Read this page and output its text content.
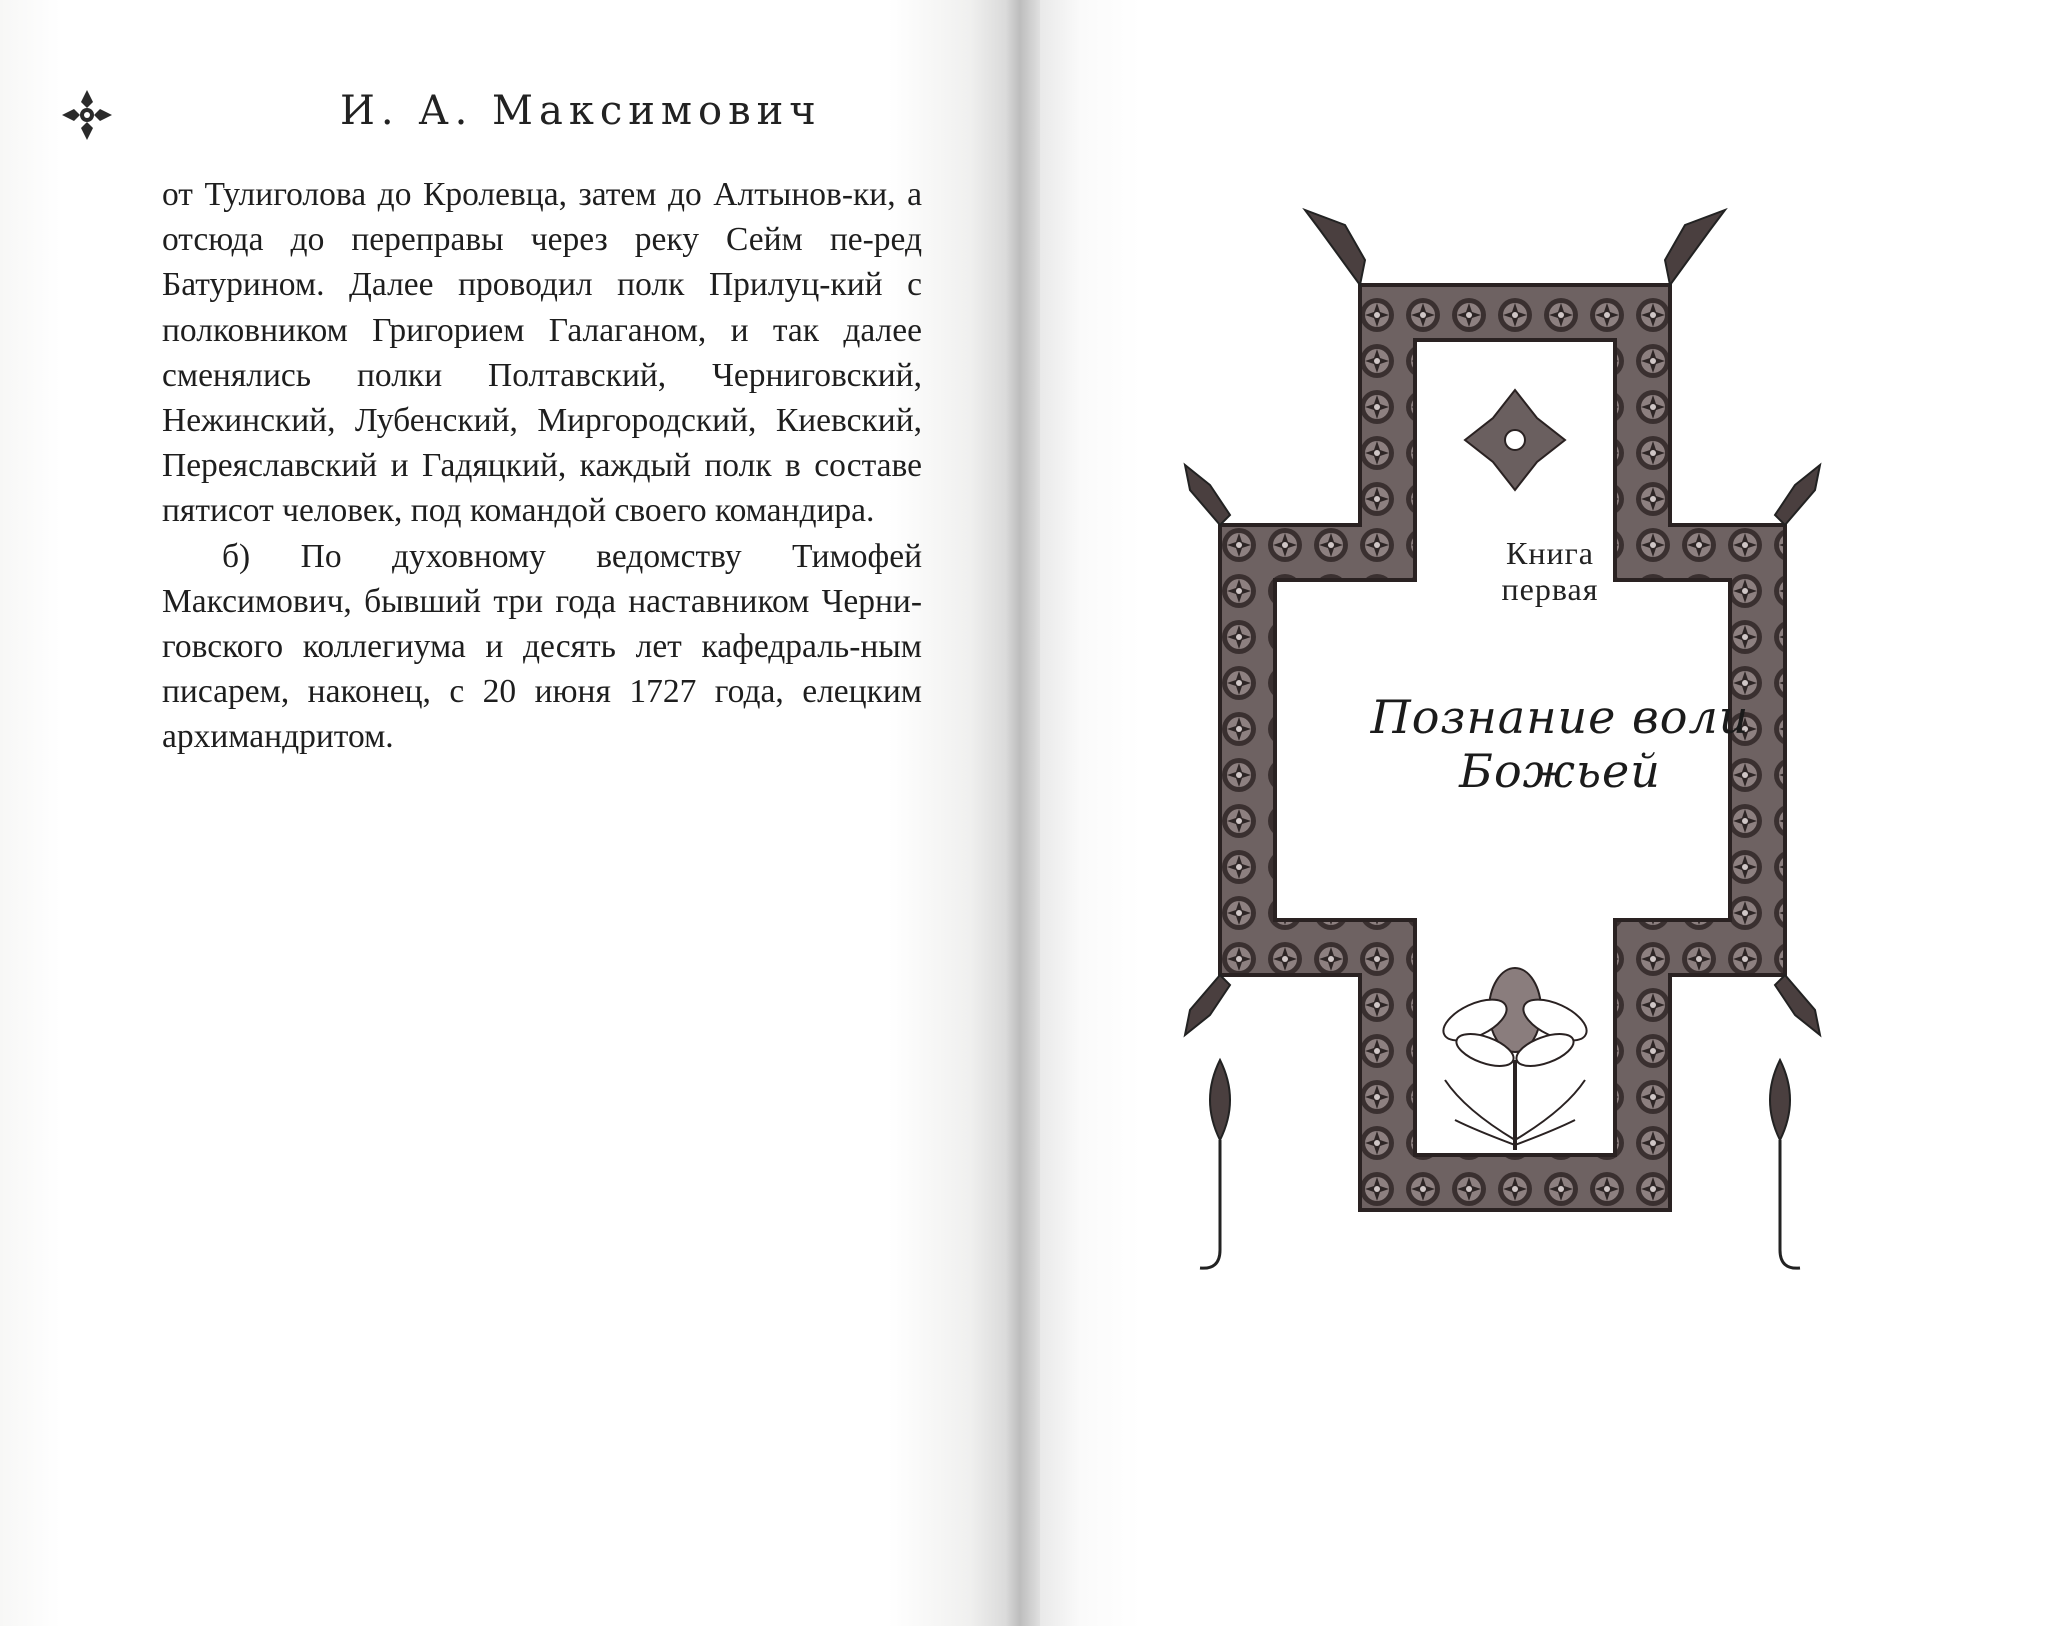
И. А. Максимович

от Тулиголова до Кролевца, затем до Алтынов-ки, а отсюда до переправы через реку Сейм пе-ред Батурином. Далее проводил полк Прилуц-кий с полковником Григорием Галаганом, и так далее сменялись полки Полтавский, Черниговский, Нежинский, Лубенский, Миргородский, Киевский, Переяславский и Гадяцкий, каждый полк в составе пятисот человек, под командой своего командира.

б) По духовному ведомству Тимофей Максимович, бывший три года наставником Черни-говского коллегиума и десять лет кафедраль-ным писарем, наконец, с 20 июня 1727 года, елецким архимандритом.

Книга
первая
Познание воли Божьей
